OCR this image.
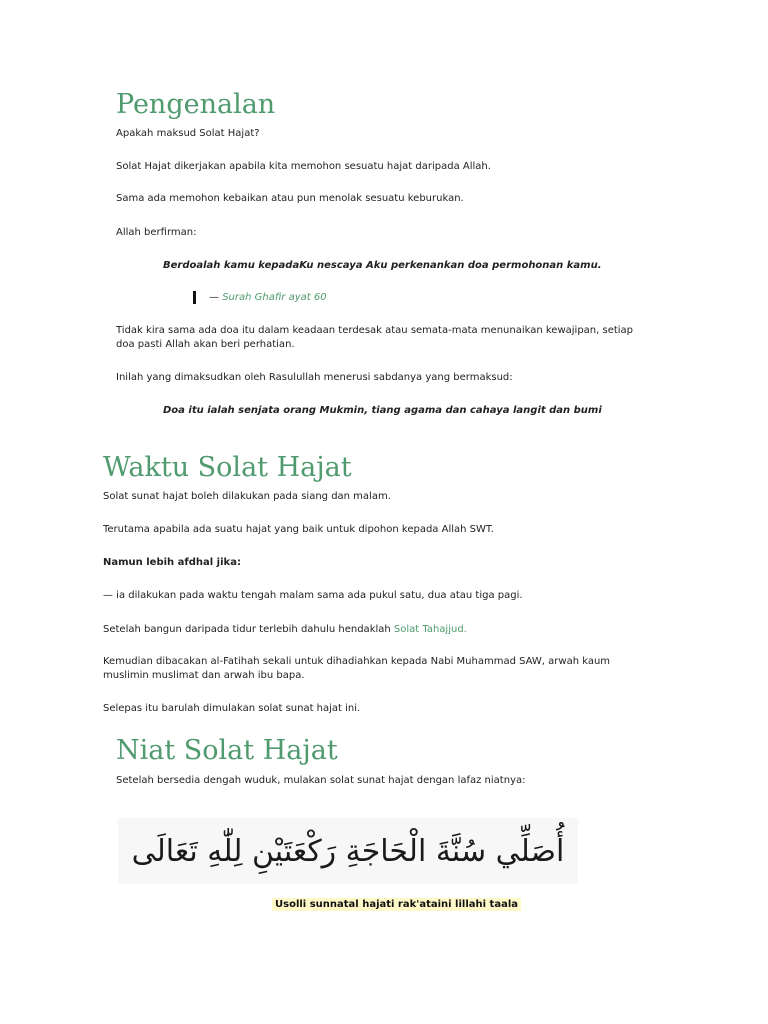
Pengenalan

Apakah maksud Solat Hajat?

Solat Hajat dikerjakan apabila kita memohon sesuatu hajat daripada Allah.

Sama ada memohon kebaikan atau pun menolak sesuatu keburukan.

Allah berfirman:

Berdoalah kamu kepadaKu nescaya Aku perkenankan doa permohonan kamu.

— Surah Ghafir ayat 60

Tidak kira sama ada doa itu dalam keadaan terdesak atau semata-mata menunaikan kewajipan, setiap doa pasti Allah akan beri perhatian.

Inilah yang dimaksudkan oleh Rasulullah menerusi sabdanya yang bermaksud:

Doa itu ialah senjata orang Mukmin, tiang agama dan cahaya langit dan bumi

Waktu Solat Hajat

Solat sunat hajat boleh dilakukan pada siang dan malam.

Terutama apabila ada suatu hajat yang baik untuk dipohon kepada Allah SWT.

Namun lebih afdhal jika:

— ia dilakukan pada waktu tengah malam sama ada pukul satu, dua atau tiga pagi.

Setelah bangun daripada tidur terlebih dahulu hendaklah Solat Tahajjud.

Kemudian dibacakan al-Fatihah sekali untuk dihadiahkan kepada Nabi Muhammad SAW, arwah kaum muslimin muslimat dan arwah ibu bapa.

Selepas itu barulah dimulakan solat sunat hajat ini.

Niat Solat Hajat

Setelah bersedia dengah wuduk, mulakan solat sunat hajat dengan lafaz niatnya:

أُصَلِّي سُنَّةَ الْحَاجَةِ رَكْعَتَيْنِ لِلّٰهِ تَعَالَى
Usolli sunnatal hajati rak'ataini lillahi taala
